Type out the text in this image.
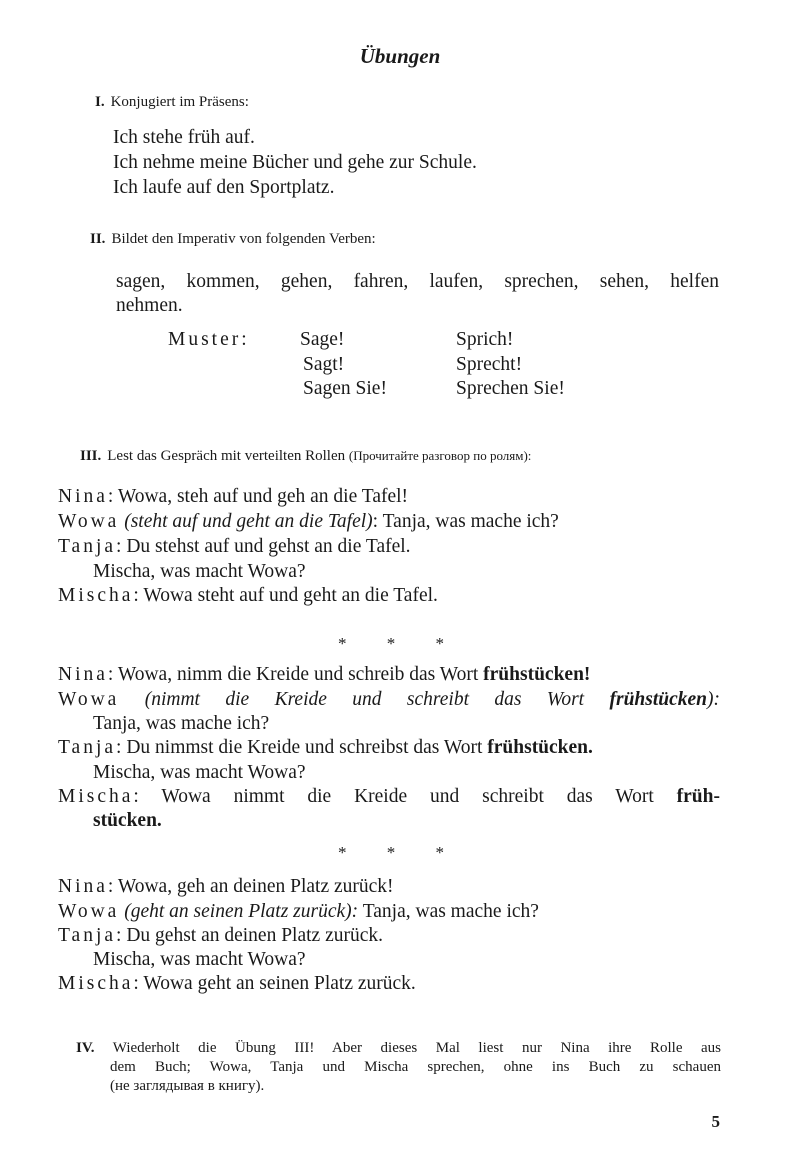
Übungen
I. Konjugiert im Präsens:
Ich stehe früh auf.
Ich nehme meine Bücher und gehe zur Schule.
Ich laufe auf den Sportplatz.
II. Bildet den Imperativ von folgenden Verben:
sagen, kommen, gehen, fahren, laufen, sprechen, sehen, helfen
nehmen.
Muster:	Sage!
Sagt!
Sagen Sie!
Sprich!
Sprecht!
Sprechen Sie!
III. Lest das Gespräch mit verteilten Rollen (Прочитайте разговор по ролям):
Nina: Wowa, steh auf und geh an die Tafel!
Wowa (steht auf und geht an die Tafel): Tanja, was mache ich?
Tanja: Du stehst auf und gehst an die Tafel.
Mischa, was macht Wowa?
Mischa: Wowa steht auf und geht an die Tafel.
* * *
Nina: Wowa, nimm die Kreide und schreib das Wort frühstücken!
Wowa (nimmt die Kreide und schreibt das Wort frühstücken):
Tanja, was mache ich?
Tanja: Du nimmst die Kreide und schreibst das Wort frühstücken.
Mischa, was macht Wowa?
Mischa: Wowa nimmt die Kreide und schreibt das Wort früh-
stücken.
* * *
Nina: Wowa, geh an deinen Platz zurück!
Wowa (geht an seinen Platz zurück): Tanja, was mache ich?
Tanja: Du gehst an deinen Platz zurück.
Mischa, was macht Wowa?
Mischa: Wowa geht an seinen Platz zurück.
IV. Wiederholt die Übung III! Aber dieses Mal liest nur Nina ihre Rolle aus
dem Buch; Wowa, Tanja und Mischa sprechen, ohne ins Buch zu schauen
(не заглядывая в книгу).
5
